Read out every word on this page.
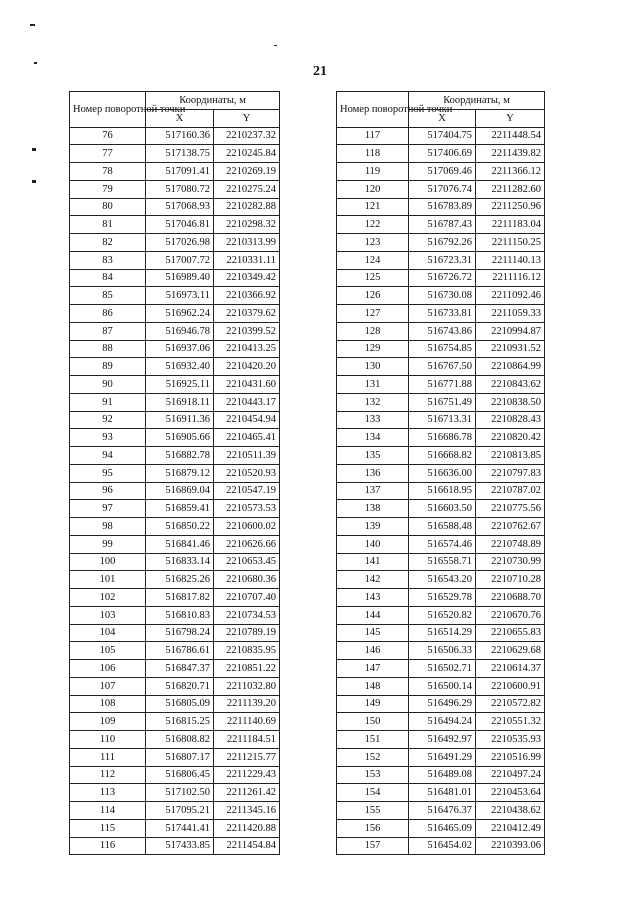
21
Номер поворотной точки	Координаты, м	
	X	Y
76	517160.36	2210237.32
77	517138.75	2210245.84
78	517091.41	2210269.19
79	517080.72	2210275.24
80	517068.93	2210282.88
81	517046.81	2210298.32
82	517026.98	2210313.99
83	517007.72	2210331.11
84	516989.40	2210349.42
85	516973.11	2210366.92
86	516962.24	2210379.62
87	516946.78	2210399.52
88	516937.06	2210413.25
89	516932.40	2210420.20
90	516925.11	2210431.60
91	516918.11	2210443.17
92	516911.36	2210454.94
93	516905.66	2210465.41
94	516882.78	2210511.39
95	516879.12	2210520.93
96	516869.04	2210547.19
97	516859.41	2210573.53
98	516850.22	2210600.02
99	516841.46	2210626.66
100	516833.14	2210653.45
101	516825.26	2210680.36
102	516817.82	2210707.40
103	516810.83	2210734.53
104	516798.24	2210789.19
105	516786.61	2210835.95
106	516847.37	2210851.22
107	516820.71	2211032.80
108	516805.09	2211139.20
109	516815.25	2211140.69
110	516808.82	2211184.51
111	516807.17	2211215.77
112	516806.45	2211229.43
113	517102.50	2211261.42
114	517095.21	2211345.16
115	517441.41	2211420.88
116	517433.85	2211454.84
Номер поворотной точки	Координаты, м	
	X	Y
117	517404.75	2211448.54
118	517406.69	2211439.82
119	517069.46	2211366.12
120	517076.74	2211282.60
121	516783.89	2211250.96
122	516787.43	2211183.04
123	516792.26	2211150.25
124	516723.31	2211140.13
125	516726.72	2211116.12
126	516730.08	2211092.46
127	516733.81	2211059.33
128	516743.86	2210994.87
129	516754.85	2210931.52
130	516767.50	2210864.99
131	516771.88	2210843.62
132	516751.49	2210838.50
133	516713.31	2210828.43
134	516686.78	2210820.42
135	516668.82	2210813.85
136	516636.00	2210797.83
137	516618.95	2210787.02
138	516603.50	2210775.56
139	516588.48	2210762.67
140	516574.46	2210748.89
141	516558.71	2210730.99
142	516543.20	2210710.28
143	516529.78	2210688.70
144	516520.82	2210670.76
145	516514.29	2210655.83
146	516506.33	2210629.68
147	516502.71	2210614.37
148	516500.14	2210600.91
149	516496.29	2210572.82
150	516494.24	2210551.32
151	516492.97	2210535.93
152	516491.29	2210516.99
153	516489.08	2210497.24
154	516481.01	2210453.64
155	516476.37	2210438.62
156	516465.09	2210412.49
157	516454.02	2210393.06
